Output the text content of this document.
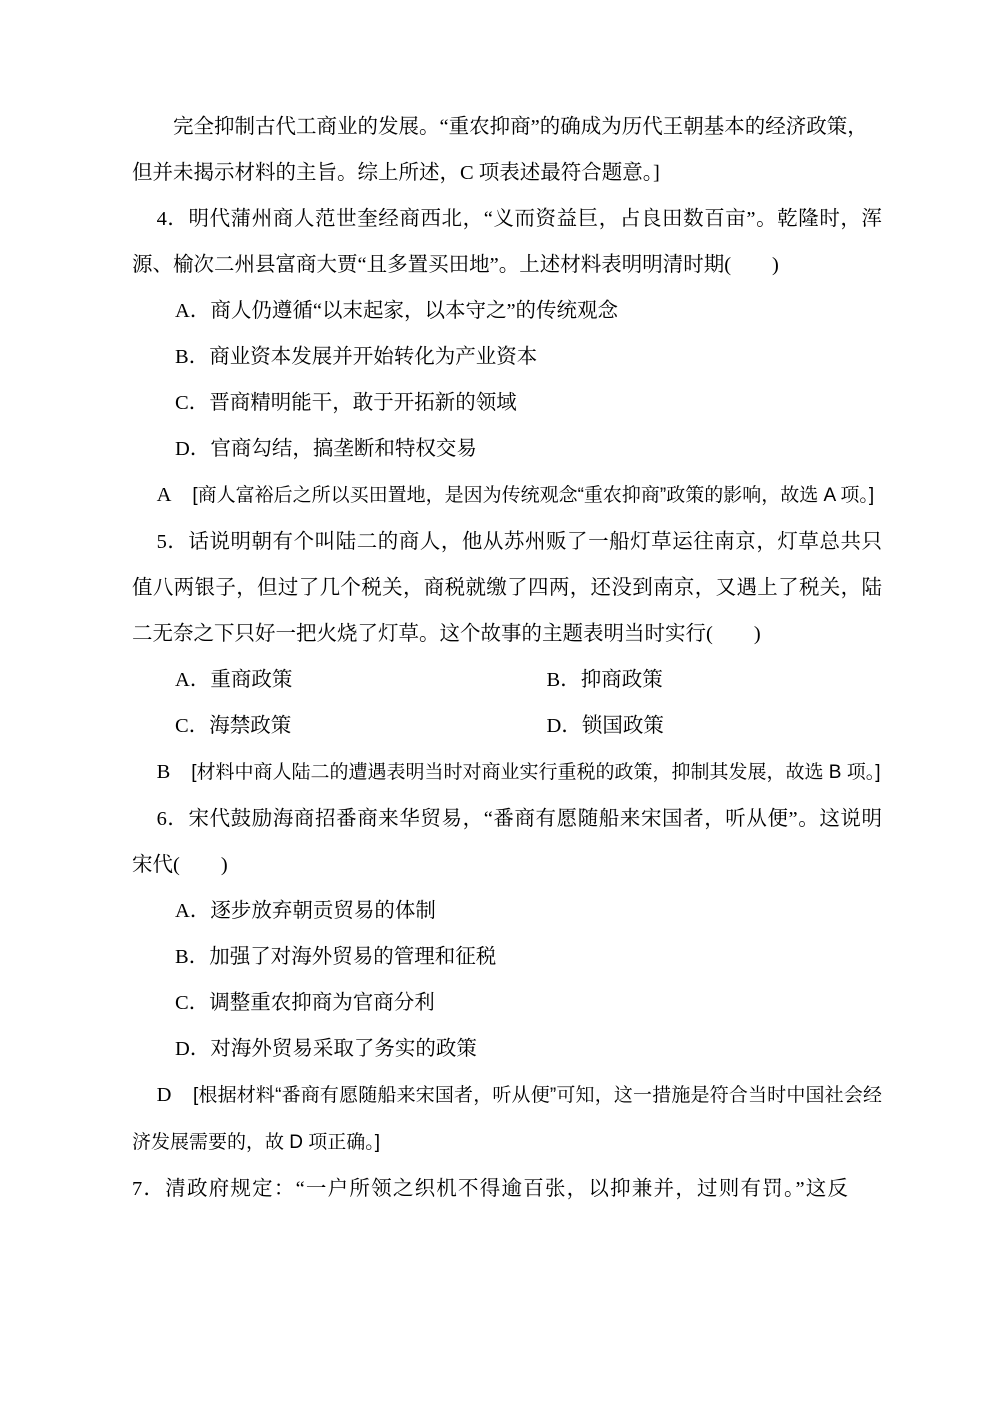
完全抑制古代工商业的发展。“重农抑商”的确成为历代王朝基本的经济政策，

但并未揭示材料的主旨。综上所述，C 项表述最符合题意。]

4．明代蒲州商人范世奎经商西北，“义而资益巨，占良田数百亩”。乾隆时，浑源、榆次二州县富商大贾“且多置买田地”。上述材料表明明清时期(　　)

A．商人仍遵循“以末起家，以本守之”的传统观念

B．商业资本发展并开始转化为产业资本

C．晋商精明能干，敢于开拓新的领域

D．官商勾结，搞垄断和特权交易

A [商人富裕后之所以买田置地，是因为传统观念“重农抑商”政策的影响，故选 A 项。]

5．话说明朝有个叫陆二的商人，他从苏州贩了一船灯草运往南京，灯草总共只值八两银子，但过了几个税关，商税就缴了四两，还没到南京，又遇上了税关，陆二无奈之下只好一把火烧了灯草。这个故事的主题表明当时实行(　　)

A．重商政策	B．抑商政策

C．海禁政策	D．锁国政策

B [材料中商人陆二的遭遇表明当时对商业实行重税的政策，抑制其发展，故选 B 项。]

6．宋代鼓励海商招番商来华贸易，“番商有愿随船来宋国者，听从便”。这说明宋代(　　)

A．逐步放弃朝贡贸易的体制

B．加强了对海外贸易的管理和征税

C．调整重农抑商为官商分利

D．对海外贸易采取了务实的政策

D [根据材料“番商有愿随船来宋国者，听从便”可知，这一措施是符合当时中国社会经济发展需要的，故 D 项正确。]

7．清政府规定：“一户所领之织机不得逾百张，以抑兼并，过则有罚。”这反
